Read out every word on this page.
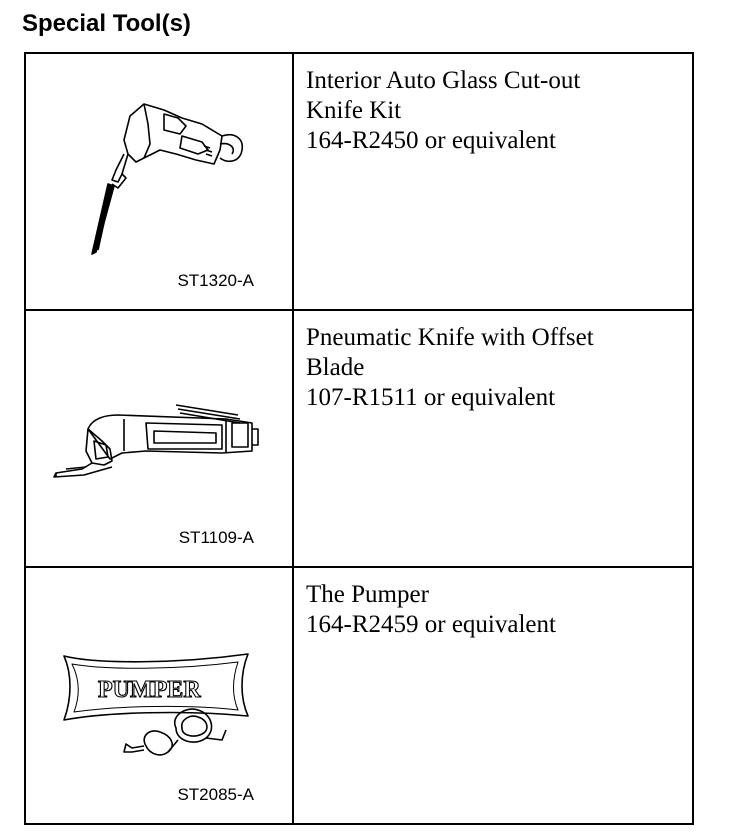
Special Tool(s)
ST1320-A	Interior Auto Glass Cut-out
Knife Kit
164-R2450 or equivalent

ST1109-A	Pneumatic Knife with Offset
Blade
107-R1511 or equivalent

PUMPER
ST2085-A	The Pumper
164-R2459 or equivalent
